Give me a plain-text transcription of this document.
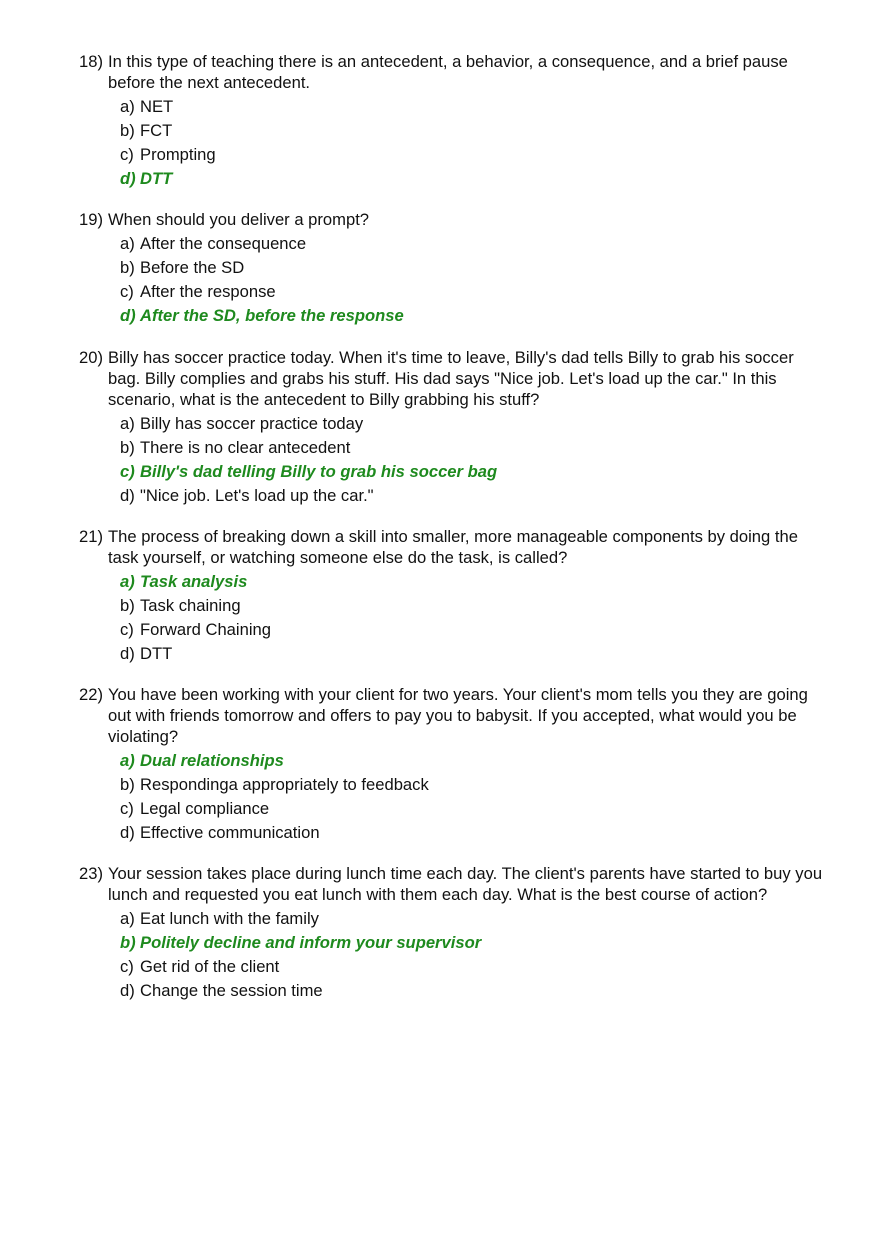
18) In this type of teaching there is an antecedent, a behavior, a consequence, and a brief pause before the next antecedent.
a) NET
b) FCT
c) Prompting
d) DTT
19) When should you deliver a prompt?
a) After the consequence
b) Before the SD
c) After the response
d) After the SD, before the response
20) Billy has soccer practice today. When it's time to leave, Billy's dad tells Billy to grab his soccer bag. Billy complies and grabs his stuff. His dad says "Nice job. Let's load up the car." In this scenario, what is the antecedent to Billy grabbing his stuff?
a) Billy has soccer practice today
b) There is no clear antecedent
c) Billy's dad telling Billy to grab his soccer bag
d) "Nice job. Let's load up the car."
21) The process of breaking down a skill into smaller, more manageable components by doing the task yourself, or watching someone else do the task, is called?
a) Task analysis
b) Task chaining
c) Forward Chaining
d) DTT
22) You have been working with your client for two years. Your client's mom tells you they are going out with friends tomorrow and offers to pay you to babysit. If you accepted, what would you be violating?
a) Dual relationships
b) Respondinga appropriately to feedback
c) Legal compliance
d) Effective communication
23) Your session takes place during lunch time each day. The client's parents have started to buy you lunch and requested you eat lunch with them each day. What is the best course of action?
a) Eat lunch with the family
b) Politely decline and inform your supervisor
c) Get rid of the client
d) Change the session time
